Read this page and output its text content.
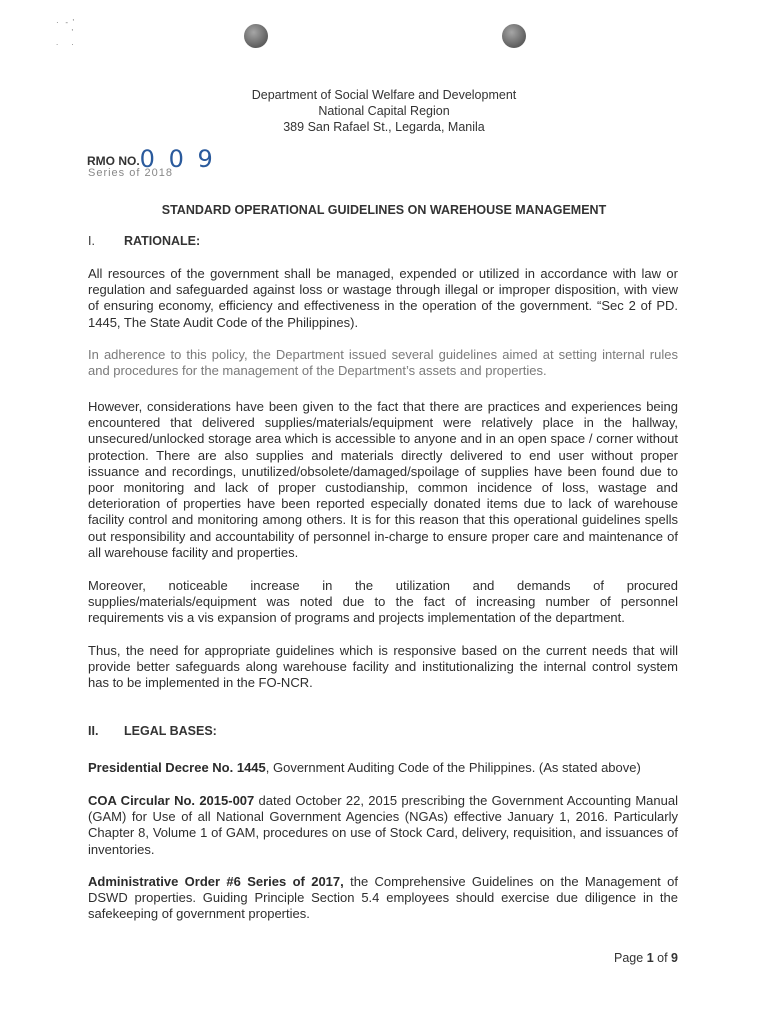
·   -  '
'
.      .
Department of Social Welfare and Development
National Capital Region
389 San Rafael St., Legarda, Manila
RMO NO.0 0 9
Series of 2018
STANDARD OPERATIONAL GUIDELINES ON WAREHOUSE MANAGEMENT
I. RATIONALE:
All resources of the government shall be managed, expended or utilized in accordance with law or regulation and safeguarded against loss or wastage through illegal or improper disposition, with view of ensuring economy, efficiency and effectiveness in the operation of the government. “Sec 2 of PD. 1445, The State Audit Code of the Philippines).
In adherence to this policy, the Department issued several guidelines aimed at setting internal rules and procedures for the management of the Department’s assets and properties.
However, considerations have been given to the fact that there are practices and experiences being encountered that delivered supplies/materials/equipment were relatively place in the hallway, unsecured/unlocked storage area which is accessible to anyone and in an open space / corner without protection. There are also supplies and materials directly delivered to end user without proper issuance and recordings, unutilized/obsolete/damaged/spoilage of supplies have been found due to poor monitoring and lack of proper custodianship, common incidence of loss, wastage and deterioration of properties have been reported especially donated items due to lack of warehouse facility control and monitoring among others. It is for this reason that this operational guidelines spells out responsibility and accountability of personnel in-charge to ensure proper care and maintenance of all warehouse facility and properties.
Moreover, noticeable increase in the utilization and demands of procured supplies/materials/equipment was noted due to the fact of increasing number of personnel requirements vis a vis expansion of programs and projects implementation of the department.
Thus, the need for appropriate guidelines which is responsive based on the current needs that will provide better safeguards along warehouse facility and institutionalizing the internal control system has to be implemented in the FO-NCR.
II. LEGAL BASES:
Presidential Decree No. 1445, Government Auditing Code of the Philippines. (As stated above)
COA Circular No. 2015-007 dated October 22, 2015 prescribing the Government Accounting Manual (GAM) for Use of all National Government Agencies (NGAs) effective January 1, 2016. Particularly Chapter 8, Volume 1 of GAM, procedures on use of Stock Card, delivery, requisition, and issuances of inventories.
Administrative Order #6 Series of 2017, the Comprehensive Guidelines on the Management of DSWD properties. Guiding Principle Section 5.4 employees should exercise due diligence in the safekeeping of government properties.
Page 1 of 9
